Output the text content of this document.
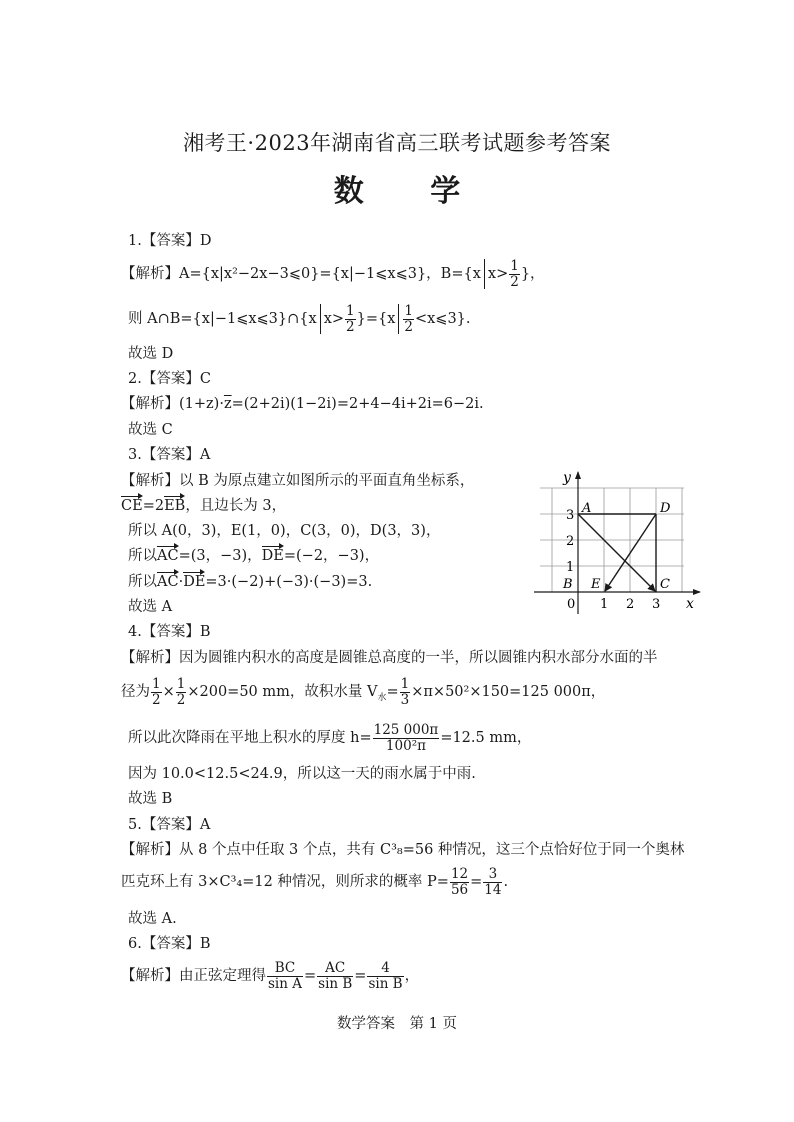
湘考王·2023年湖南省高三联考试题参考答案
数 学
1.【答案】D
【解析】A={x|x²−2x−3⩽0}={x|−1⩽x⩽3}，B={x $x> \frac{1}{2}$ }，
则 A∩B={x|−1⩽x⩽3}∩{x $x> \frac{1}{2} \}=\{x \frac{1}{2}$ <x⩽3}.
故选 D
2.【答案】C
【解析】$(1+z)\cdot\overline{z}=(2+2i)(1-2i)=2+4-4i+2i=6-2i$.
故选 C
3.【答案】A
【解析】以 B 为原点建立如图所示的平面直角坐标系，
CE=2EB，且边长为 3，
所以 A(0，3)，E(1，0)，C(3，0)，D(3，3)，
所以AC=(3，−3)，DE=(−2，−3)，
所以AC·DE=3·(−2)+(−3)·(−3)=3.
故选 A
y
x
0 1 2 3
1
2
3 A
B	C
D
E
4.【答案】B
【解析】因为圆锥内积水的高度是圆锥总高度的一半，所以圆锥内积水部分水面的半
径为 $\frac{1}{2} \times \frac{1}{2} \times 200=50$ mm，故积水量 $V_水= \frac{1}{3} \times\pi\times 50^2\times 150=125$ 000π，
所以此次降雨在平地上积水的厚度 $h= \frac{125 000\pi}{\text{100²π}} =12.5$ mm，
因为 10.0<12.5<24.9，所以这一天的雨水属于中雨.
故选 B
5.【答案】A
【解析】从 8 个点中任取 3 个点，共有 C³₈=56 种情况，这三个点恰好位于同一个奥林
匹克环上有 3×C³₄=12 种情况，则所求的概率 $P= \frac{12}{56} = \frac{3}{14}$ .
故选 A.
6.【答案】B
【解析】由正弦定理得 $\frac{BC}{\text{sin A}} = \frac{AC}{\text{sin B}} = \frac{4}{\text{sin B}}$ ，
数学答案　第 1 页
